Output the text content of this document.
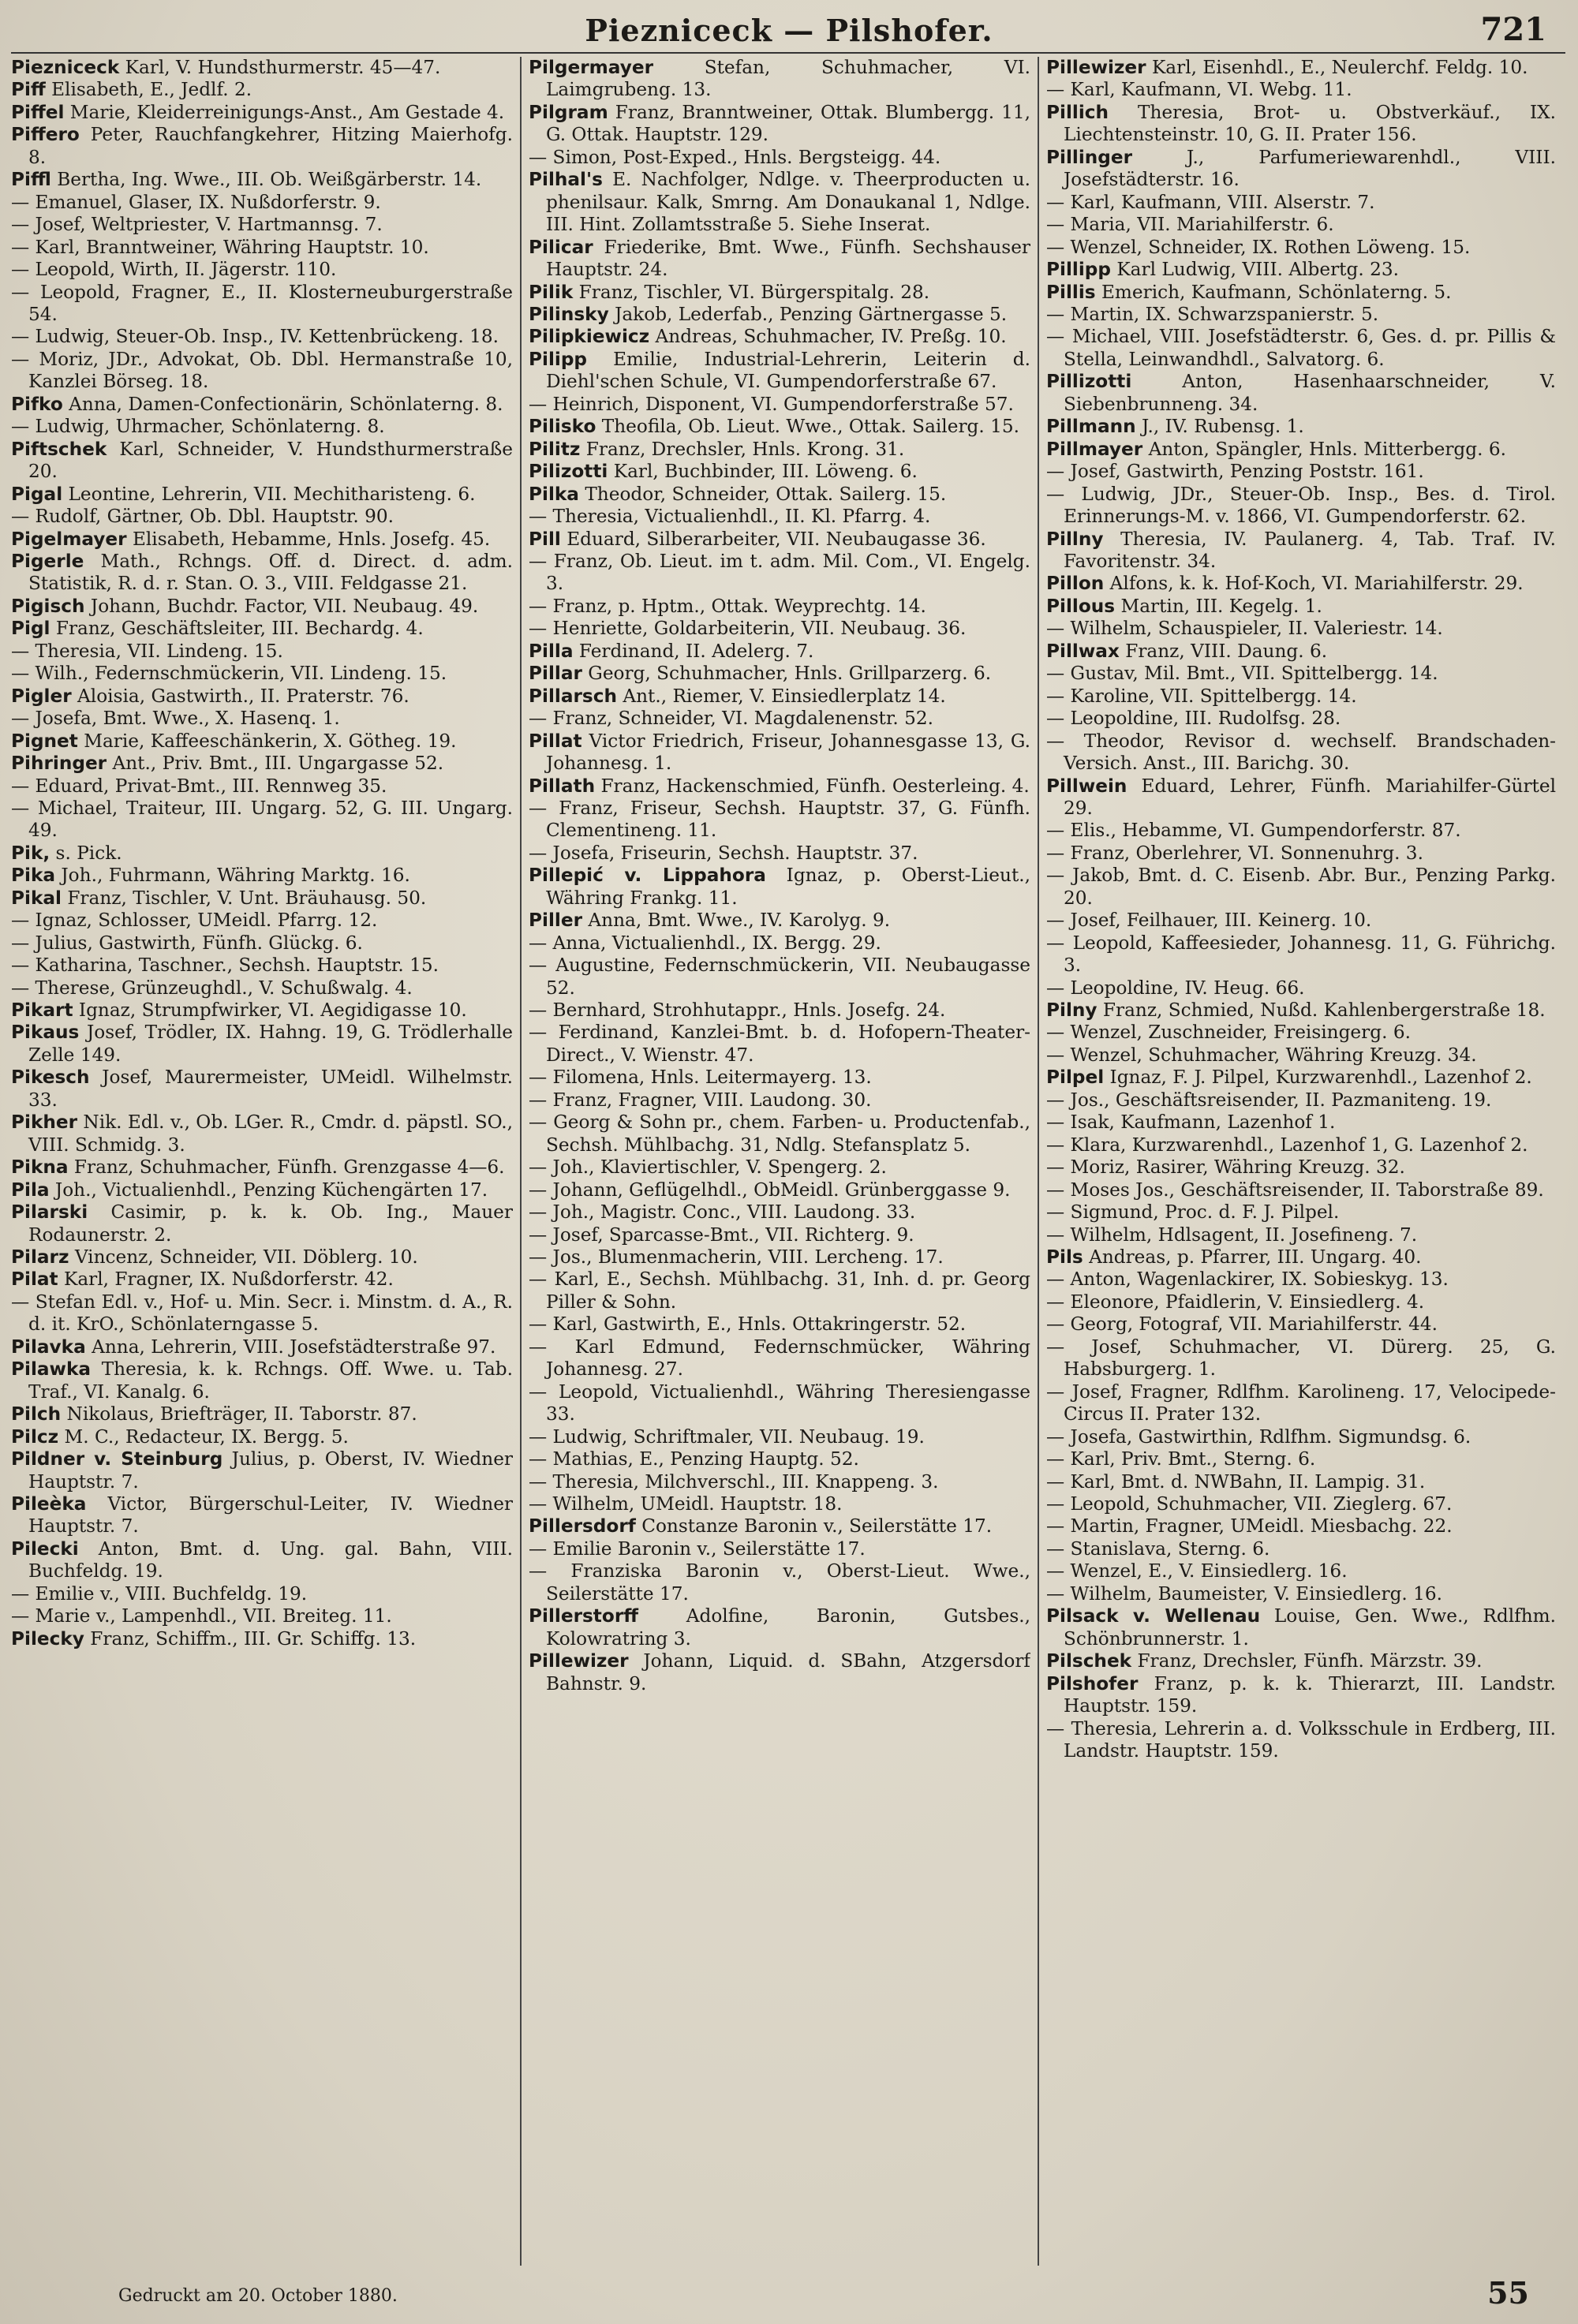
Piezniceck — Pilshofer.	721

Piezniceck Karl, V. Hundsthurmerstr. 45—47.

Piff Elisabeth, E., Jedlf. 2.

Piffel Marie, Kleiderreinigungs-Anst., Am Gestade 4.

Piffero Peter, Rauchfangkehrer, Hitzing Maierhofg. 8.

Piffl Bertha, Ing. Wwe., III. Ob. Weißgärberstr. 14.

— Emanuel, Glaser, IX. Nußdorferstr. 9.

— Josef, Weltpriester, V. Hartmannsg. 7.

— Karl, Branntweiner, Währing Hauptstr. 10.

— Leopold, Wirth, II. Jägerstr. 110.

— Leopold, Fragner, E., II. Klosterneuburgerstraße 54.

— Ludwig, Steuer-Ob. Insp., IV. Kettenbrückeng. 18.

— Moriz, JDr., Advokat, Ob. Dbl. Hermanstraße 10, Kanzlei Börseg. 18.

Pifko Anna, Damen-Confectionärin, Schönlaterng. 8.

— Ludwig, Uhrmacher, Schönlaterng. 8.

Piftschek Karl, Schneider, V. Hundsthurmerstraße 20.

Pigal Leontine, Lehrerin, VII. Mechitharisteng. 6.

— Rudolf, Gärtner, Ob. Dbl. Hauptstr. 90.

Pigelmayer Elisabeth, Hebamme, Hnls. Josefg. 45.

Pigerle Math., Rchngs. Off. d. Direct. d. adm. Statistik, R. d. r. Stan. O. 3., VIII. Feldgasse 21.

Pigisch Johann, Buchdr. Factor, VII. Neubaug. 49.

Pigl Franz, Geschäftsleiter, III. Bechardg. 4.

— Theresia, VII. Lindeng. 15.

— Wilh., Federnschmückerin, VII. Lindeng. 15.

Pigler Aloisia, Gastwirth., II. Praterstr. 76.

— Josefa, Bmt. Wwe., X. Hasenq. 1.

Pignet Marie, Kaffeeschänkerin, X. Götheg. 19.

Pihringer Ant., Priv. Bmt., III. Ungargasse 52.

— Eduard, Privat-Bmt., III. Rennweg 35.

— Michael, Traiteur, III. Ungarg. 52, G. III. Ungarg. 49.

Pik, s. Pick.

Pika Joh., Fuhrmann, Währing Marktg. 16.

Pikal Franz, Tischler, V. Unt. Bräuhausg. 50.

— Ignaz, Schlosser, UMeidl. Pfarrg. 12.

— Julius, Gastwirth, Fünfh. Glückg. 6.

— Katharina, Taschner., Sechsh. Hauptstr. 15.

— Therese, Grünzeughdl., V. Schußwalg. 4.

Pikart Ignaz, Strumpfwirker, VI. Aegidigasse 10.

Pikaus Josef, Trödler, IX. Hahng. 19, G. Trödlerhalle Zelle 149.

Pikesch Josef, Maurermeister, UMeidl. Wilhelmstr. 33.

Pikher Nik. Edl. v., Ob. LGer. R., Cmdr. d. päpstl. SO., VIII. Schmidg. 3.

Pikna Franz, Schuhmacher, Fünfh. Grenzgasse 4—6.

Pila Joh., Victualienhdl., Penzing Küchengärten 17.

Pilarski Casimir, p. k. k. Ob. Ing., Mauer Rodaunerstr. 2.

Pilarz Vincenz, Schneider, VII. Döblerg. 10.

Pilat Karl, Fragner, IX. Nußdorferstr. 42.

— Stefan Edl. v., Hof- u. Min. Secr. i. Minstm. d. A., R. d. it. KrO., Schönlaterngasse 5.

Pilavka Anna, Lehrerin, VIII. Josefstädterstraße 97.

Pilawka Theresia, k. k. Rchngs. Off. Wwe. u. Tab. Traf., VI. Kanalg. 6.

Pilch Nikolaus, Briefträger, II. Taborstr. 87.

Pilcz M. C., Redacteur, IX. Bergg. 5.

Pildner v. Steinburg Julius, p. Oberst, IV. Wiedner Hauptstr. 7.

Pileèka Victor, Bürgerschul-Leiter, IV. Wiedner Hauptstr. 7.

Pilecki Anton, Bmt. d. Ung. gal. Bahn, VIII. Buchfeldg. 19.

— Emilie v., VIII. Buchfeldg. 19.

— Marie v., Lampenhdl., VII. Breiteg. 11.

Pilecky Franz, Schiffm., III. Gr. Schiffg. 13.

Pilgermayer	Stefan, Schuhmacher, VI. Laimgrubeng. 13.

Pilgram Franz, Branntweiner, Ottak. Blumbergg. 11, G. Ottak. Hauptstr. 129.

— Simon, Post-Exped., Hnls. Bergsteigg. 44.

Pilhal's E. Nachfolger, Ndlge. v. Theerproducten u. phenilsaur. Kalk, Smrng. Am Donaukanal 1, Ndlge. III. Hint. Zollamtsstraße 5. Siehe Inserat.

Pilicar Friederike, Bmt. Wwe., Fünfh. Sechshauser Hauptstr. 24.

Pilik Franz, Tischler, VI. Bürgerspitalg. 28.

Pilinsky Jakob, Lederfab., Penzing Gärtnergasse 5.

Pilipkiewicz Andreas, Schuhmacher, IV. Preßg. 10.

Pilipp Emilie, Industrial-Lehrerin, Leiterin d. Diehl'schen Schule, VI. Gumpendorferstraße 67.

— Heinrich, Disponent, VI. Gumpendorferstraße 57.

Pilisko Theofila, Ob. Lieut. Wwe., Ottak. Sailerg. 15.

Pilitz Franz, Drechsler, Hnls. Krong. 31.

Pilizotti Karl, Buchbinder, III. Löweng. 6.

Pilka Theodor, Schneider, Ottak. Sailerg. 15.

— Theresia, Victualienhdl., II. Kl. Pfarrg. 4.

Pill Eduard, Silberarbeiter, VII. Neubaugasse 36.

— Franz, Ob. Lieut. im t. adm. Mil. Com., VI. Engelg. 3.

— Franz, p. Hptm., Ottak. Weyprechtg. 14.

— Henriette, Goldarbeiterin, VII. Neubaug. 36.

Pilla Ferdinand, II. Adelerg. 7.

Pillar Georg, Schuhmacher, Hnls. Grillparzerg. 6.

Pillarsch Ant., Riemer, V. Einsiedlerplatz 14.

— Franz, Schneider, VI. Magdalenenstr. 52.

Pillat Victor Friedrich, Friseur, Johannesgasse 13, G. Johannesg. 1.

Pillath Franz, Hackenschmied, Fünfh. Oesterleing. 4.

— Franz, Friseur, Sechsh. Hauptstr. 37, G. Fünfh. Clementineng. 11.

— Josefa, Friseurin, Sechsh. Hauptstr. 37.

Pillepić v. Lippahora Ignaz, p. Oberst-Lieut., Währing Frankg. 11.

Piller Anna, Bmt. Wwe., IV. Karolyg. 9.

— Anna, Victualienhdl., IX. Bergg. 29.

— Augustine, Federnschmückerin, VII. Neubaugasse 52.

— Bernhard, Strohhutappr., Hnls. Josefg. 24.

— Ferdinand, Kanzlei-Bmt. b. d. Hofopern-Theater-Direct., V. Wienstr. 47.

— Filomena, Hnls. Leitermayerg. 13.

— Franz, Fragner, VIII. Laudong. 30.

— Georg & Sohn pr., chem. Farben- u. Productenfab., Sechsh. Mühlbachg. 31, Ndlg. Stefansplatz 5.

— Joh., Klaviertischler, V. Spengerg. 2.

— Johann, Geflügelhdl., ObMeidl. Grünberggasse 9.

— Joh., Magistr. Conc., VIII. Laudong. 33.

— Josef, Sparcasse-Bmt., VII. Richterg. 9.

— Jos., Blumenmacherin, VIII. Lercheng. 17.

— Karl, E., Sechsh. Mühlbachg. 31, Inh. d. pr. Georg Piller & Sohn.

— Karl, Gastwirth, E., Hnls. Ottakringerstr. 52.

— Karl Edmund, Federnschmücker, Währing Johannesg. 27.

— Leopold, Victualienhdl., Währing Theresiengasse 33.

— Ludwig, Schriftmaler, VII. Neubaug. 19.

— Mathias, E., Penzing Hauptg. 52.

— Theresia, Milchverschl., III. Knappeng. 3.

— Wilhelm, UMeidl. Hauptstr. 18.

Pillersdorf Constanze Baronin v., Seilerstätte 17.

— Emilie Baronin v., Seilerstätte 17.

— Franziska Baronin v., Oberst-Lieut. Wwe., Seilerstätte 17.

Pillerstorff	Adolfine, Baronin, Gutsbes., Kolowratring 3.

Pillewizer Johann, Liquid. d. SBahn, Atzgersdorf Bahnstr. 9.

Pillewizer Karl, Eisenhdl., E., Neulerchf. Feldg. 10.

— Karl, Kaufmann, VI. Webg. 11.

Pillich Theresia, Brot- u. Obstverkäuf., IX. Liechtensteinstr. 10, G. II. Prater 156.

Pillinger	J., Parfumeriewarenhdl., VIII. Josefstädterstr. 16.

— Karl, Kaufmann, VIII. Alserstr. 7.

— Maria, VII. Mariahilferstr. 6.

— Wenzel, Schneider, IX. Rothen Löweng. 15.

Pillipp Karl Ludwig, VIII. Albertg. 23.

Pillis Emerich, Kaufmann, Schönlaterng. 5.

— Martin, IX. Schwarzspanierstr. 5.

— Michael, VIII. Josefstädterstr. 6, Ges. d. pr. Pillis & Stella, Leinwandhdl., Salvatorg. 6.

Pillizotti	Anton, Hasenhaarschneider, V. Siebenbrunneng. 34.

Pillmann J., IV. Rubensg. 1.

Pillmayer Anton, Spängler, Hnls. Mitterbergg. 6.

— Josef, Gastwirth, Penzing Poststr. 161.

— Ludwig, JDr., Steuer-Ob. Insp., Bes. d. Tirol. Erinnerungs-M. v. 1866, VI. Gumpendorferstr. 62.

Pillny Theresia, IV. Paulanerg. 4, Tab. Traf. IV. Favoritenstr. 34.

Pillon Alfons, k. k. Hof-Koch, VI. Mariahilferstr. 29.

Pillous Martin, III. Kegelg. 1.

— Wilhelm, Schauspieler, II. Valeriestr. 14.

Pillwax Franz, VIII. Daung. 6.

— Gustav, Mil. Bmt., VII. Spittelbergg. 14.

— Karoline, VII. Spittelbergg. 14.

— Leopoldine, III. Rudolfsg. 28.

— Theodor, Revisor d. wechself. Brandschaden-Versich. Anst., III. Barichg. 30.

Pillwein Eduard, Lehrer, Fünfh. Mariahilfer-Gürtel 29.

— Elis., Hebamme, VI. Gumpendorferstr. 87.

— Franz, Oberlehrer, VI. Sonnenuhrg. 3.

— Jakob, Bmt. d. C. Eisenb. Abr. Bur., Penzing Parkg. 20.

— Josef, Feilhauer, III. Keinerg. 10.

— Leopold, Kaffeesieder, Johannesg. 11, G. Führichg. 3.

— Leopoldine, IV. Heug. 66.

Pilny Franz, Schmied, Nußd. Kahlenbergerstraße 18.

— Wenzel, Zuschneider, Freisingerg. 6.

— Wenzel, Schuhmacher, Währing Kreuzg. 34.

Pilpel Ignaz, F. J. Pilpel, Kurzwarenhdl., Lazenhof 2.

— Jos., Geschäftsreisender, II. Pazmaniteng. 19.

— Isak, Kaufmann, Lazenhof 1.

— Klara, Kurzwarenhdl., Lazenhof 1, G. Lazenhof 2.

— Moriz, Rasirer, Währing Kreuzg. 32.

— Moses Jos., Geschäftsreisender, II. Taborstraße 89.

— Sigmund, Proc. d. F. J. Pilpel.

— Wilhelm, Hdlsagent, II. Josefineng. 7.

Pils Andreas, p. Pfarrer, III. Ungarg. 40.

— Anton, Wagenlackirer, IX. Sobieskyg. 13.

— Eleonore, Pfaidlerin, V. Einsiedlerg. 4.

— Georg, Fotograf, VII. Mariahilferstr. 44.

— Josef, Schuhmacher, VI. Dürerg. 25, G. Habsburgerg. 1.

— Josef, Fragner, Rdlfhm. Karolineng. 17, Velocipede-Circus II. Prater 132.

— Josefa, Gastwirthin, Rdlfhm. Sigmundsg. 6.

— Karl, Priv. Bmt., Sterng. 6.

— Karl, Bmt. d. NWBahn, II. Lampig. 31.

— Leopold, Schuhmacher, VII. Zieglerg. 67.

— Martin, Fragner, UMeidl. Miesbachg. 22.

— Stanislava, Sterng. 6.

— Wenzel, E., V. Einsiedlerg. 16.

— Wilhelm, Baumeister, V. Einsiedlerg. 16.

Pilsack v. Wellenau Louise, Gen. Wwe., Rdlfhm. Schönbrunnerstr. 1.

Pilschek Franz, Drechsler, Fünfh. Märzstr. 39.

Pilshofer Franz, p. k. k. Thierarzt, III. Landstr. Hauptstr. 159.

— Theresia, Lehrerin a. d. Volksschule in Erdberg, III. Landstr. Hauptstr. 159.

Gedruckt am 20. October 1880.	55
